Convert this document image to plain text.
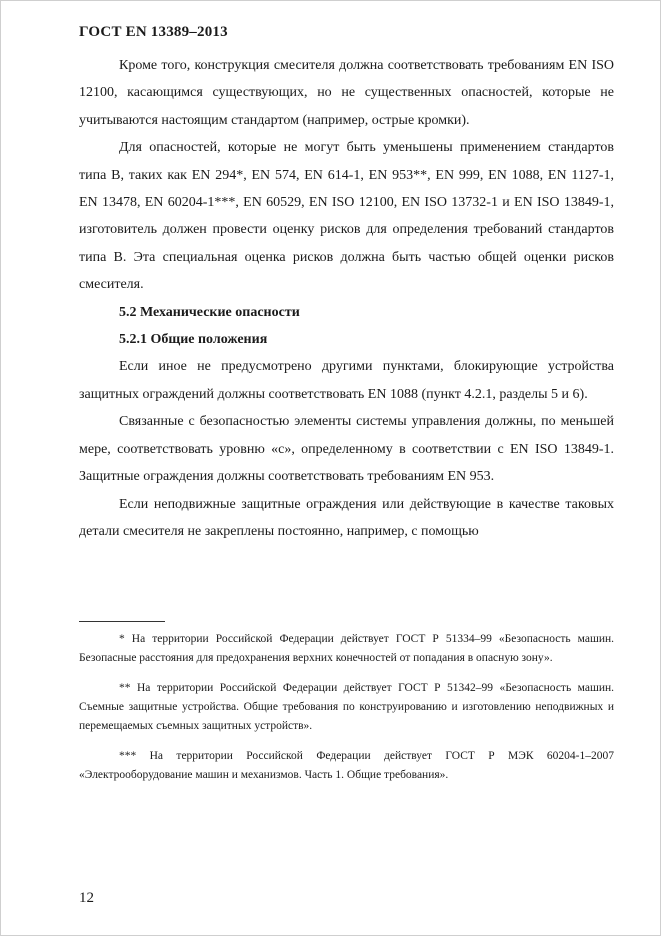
ГОСТ EN 13389–2013

Кроме того, конструкция смесителя должна соответствовать требованиям EN ISO 12100, касающимся существующих, но не существенных опасностей, которые не учитываются настоящим стандартом (например, острые кромки).

Для опасностей, которые не могут быть уменьшены применением стандартов типа B, таких как EN 294*, EN 574, EN 614-1, EN 953**, EN 999, EN 1088, EN 1127-1, EN 13478, EN 60204-1***, EN 60529, EN ISO 12100, EN ISO 13732-1 и EN ISO 13849-1, изготовитель должен провести оценку рисков для определения требований стандартов типа B. Эта специальная оценка рисков должна быть частью общей оценки рисков смесителя.

5.2 Механические опасности

5.2.1 Общие положения

Если иное не предусмотрено другими пунктами, блокирующие устройства защитных ограждений должны соответствовать EN 1088 (пункт 4.2.1, разделы 5 и 6).

Связанные с безопасностью элементы системы управления должны, по меньшей мере, соответствовать уровню «с», определенному в соответствии с EN ISO 13849-1. Защитные ограждения должны соответствовать требованиям EN 953.

Если неподвижные защитные ограждения или действующие в качестве таковых детали смесителя не закреплены постоянно, например, с помощью

* На территории Российской Федерации действует ГОСТ Р 51334–99 «Безопасность машин. Безопасные расстояния для предохранения верхних конечностей от попадания в опасную зону».

** На территории Российской Федерации действует ГОСТ Р 51342–99 «Безопасность машин. Съемные защитные устройства. Общие требования по конструированию и изготовлению неподвижных и перемещаемых съемных защитных устройств».

*** На территории Российской Федерации действует ГОСТ Р МЭК 60204-1–2007 «Электрооборудование машин и механизмов. Часть 1. Общие требования».

12
